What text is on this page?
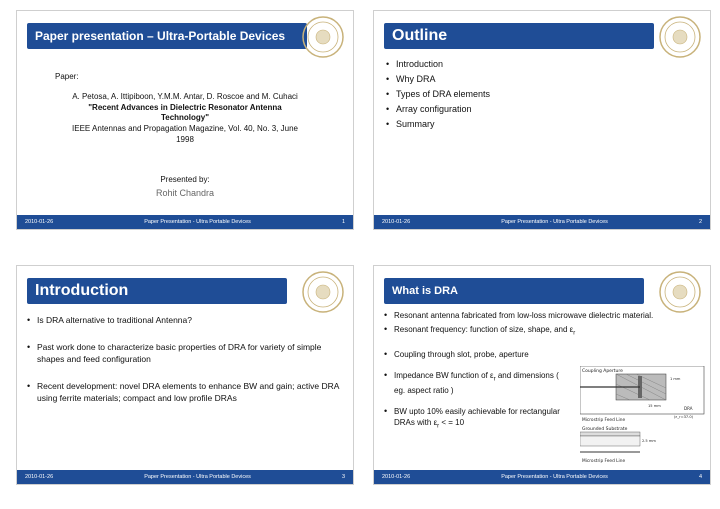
Paper presentation – Ultra-Portable Devices
Paper:
A. Petosa, A. Ittipiboon, Y.M.M. Antar, D. Roscoe and M. Cuhaci
"Recent Advances in Dielectric Resonator Antenna
Technology"
IEEE Antennas and Propagation Magazine, Vol. 40, No. 3, June
1998
Presented by:
Rohit Chandra
2010-01-26	Paper Presentation - Ultra Portable Devices	1
Outline
• Introduction
• Why DRA
• Types of DRA elements
• Array configuration
• Summary
2010-01-26	Paper Presentation - Ultra Portable Devices	2
Introduction
• Is DRA alternative to traditional Antenna?
• Past work done to characterize basic properties of DRA for variety of simple shapes and feed configuration
• Recent development: novel DRA elements to enhance BW and gain; active DRA using ferrite materials; compact and low profile DRAs
2010-01-26	Paper Presentation - Ultra Portable Devices	3
What is DRA
• Resonant antenna fabricated from low-loss microwave dielectric material.
• Resonant frequency: function of size, shape, and $\varepsilon_r$
• Coupling through slot, probe, aperture
• Impedance BW function of $\varepsilon_r$ and dimensions ( eg. aspect ratio )
• BW upto 10% easily achievable for rectangular DRAs with $\varepsilon_r$ < = 10
Coupling Aperture
1 mm
15 mm	DRA
Microstrip Feed Line
(ε_r=37.0)
Grounded Substrate
2.5 mm
Microstrip Feed Line
2010-01-26	Paper Presentation - Ultra Portable Devices	4
